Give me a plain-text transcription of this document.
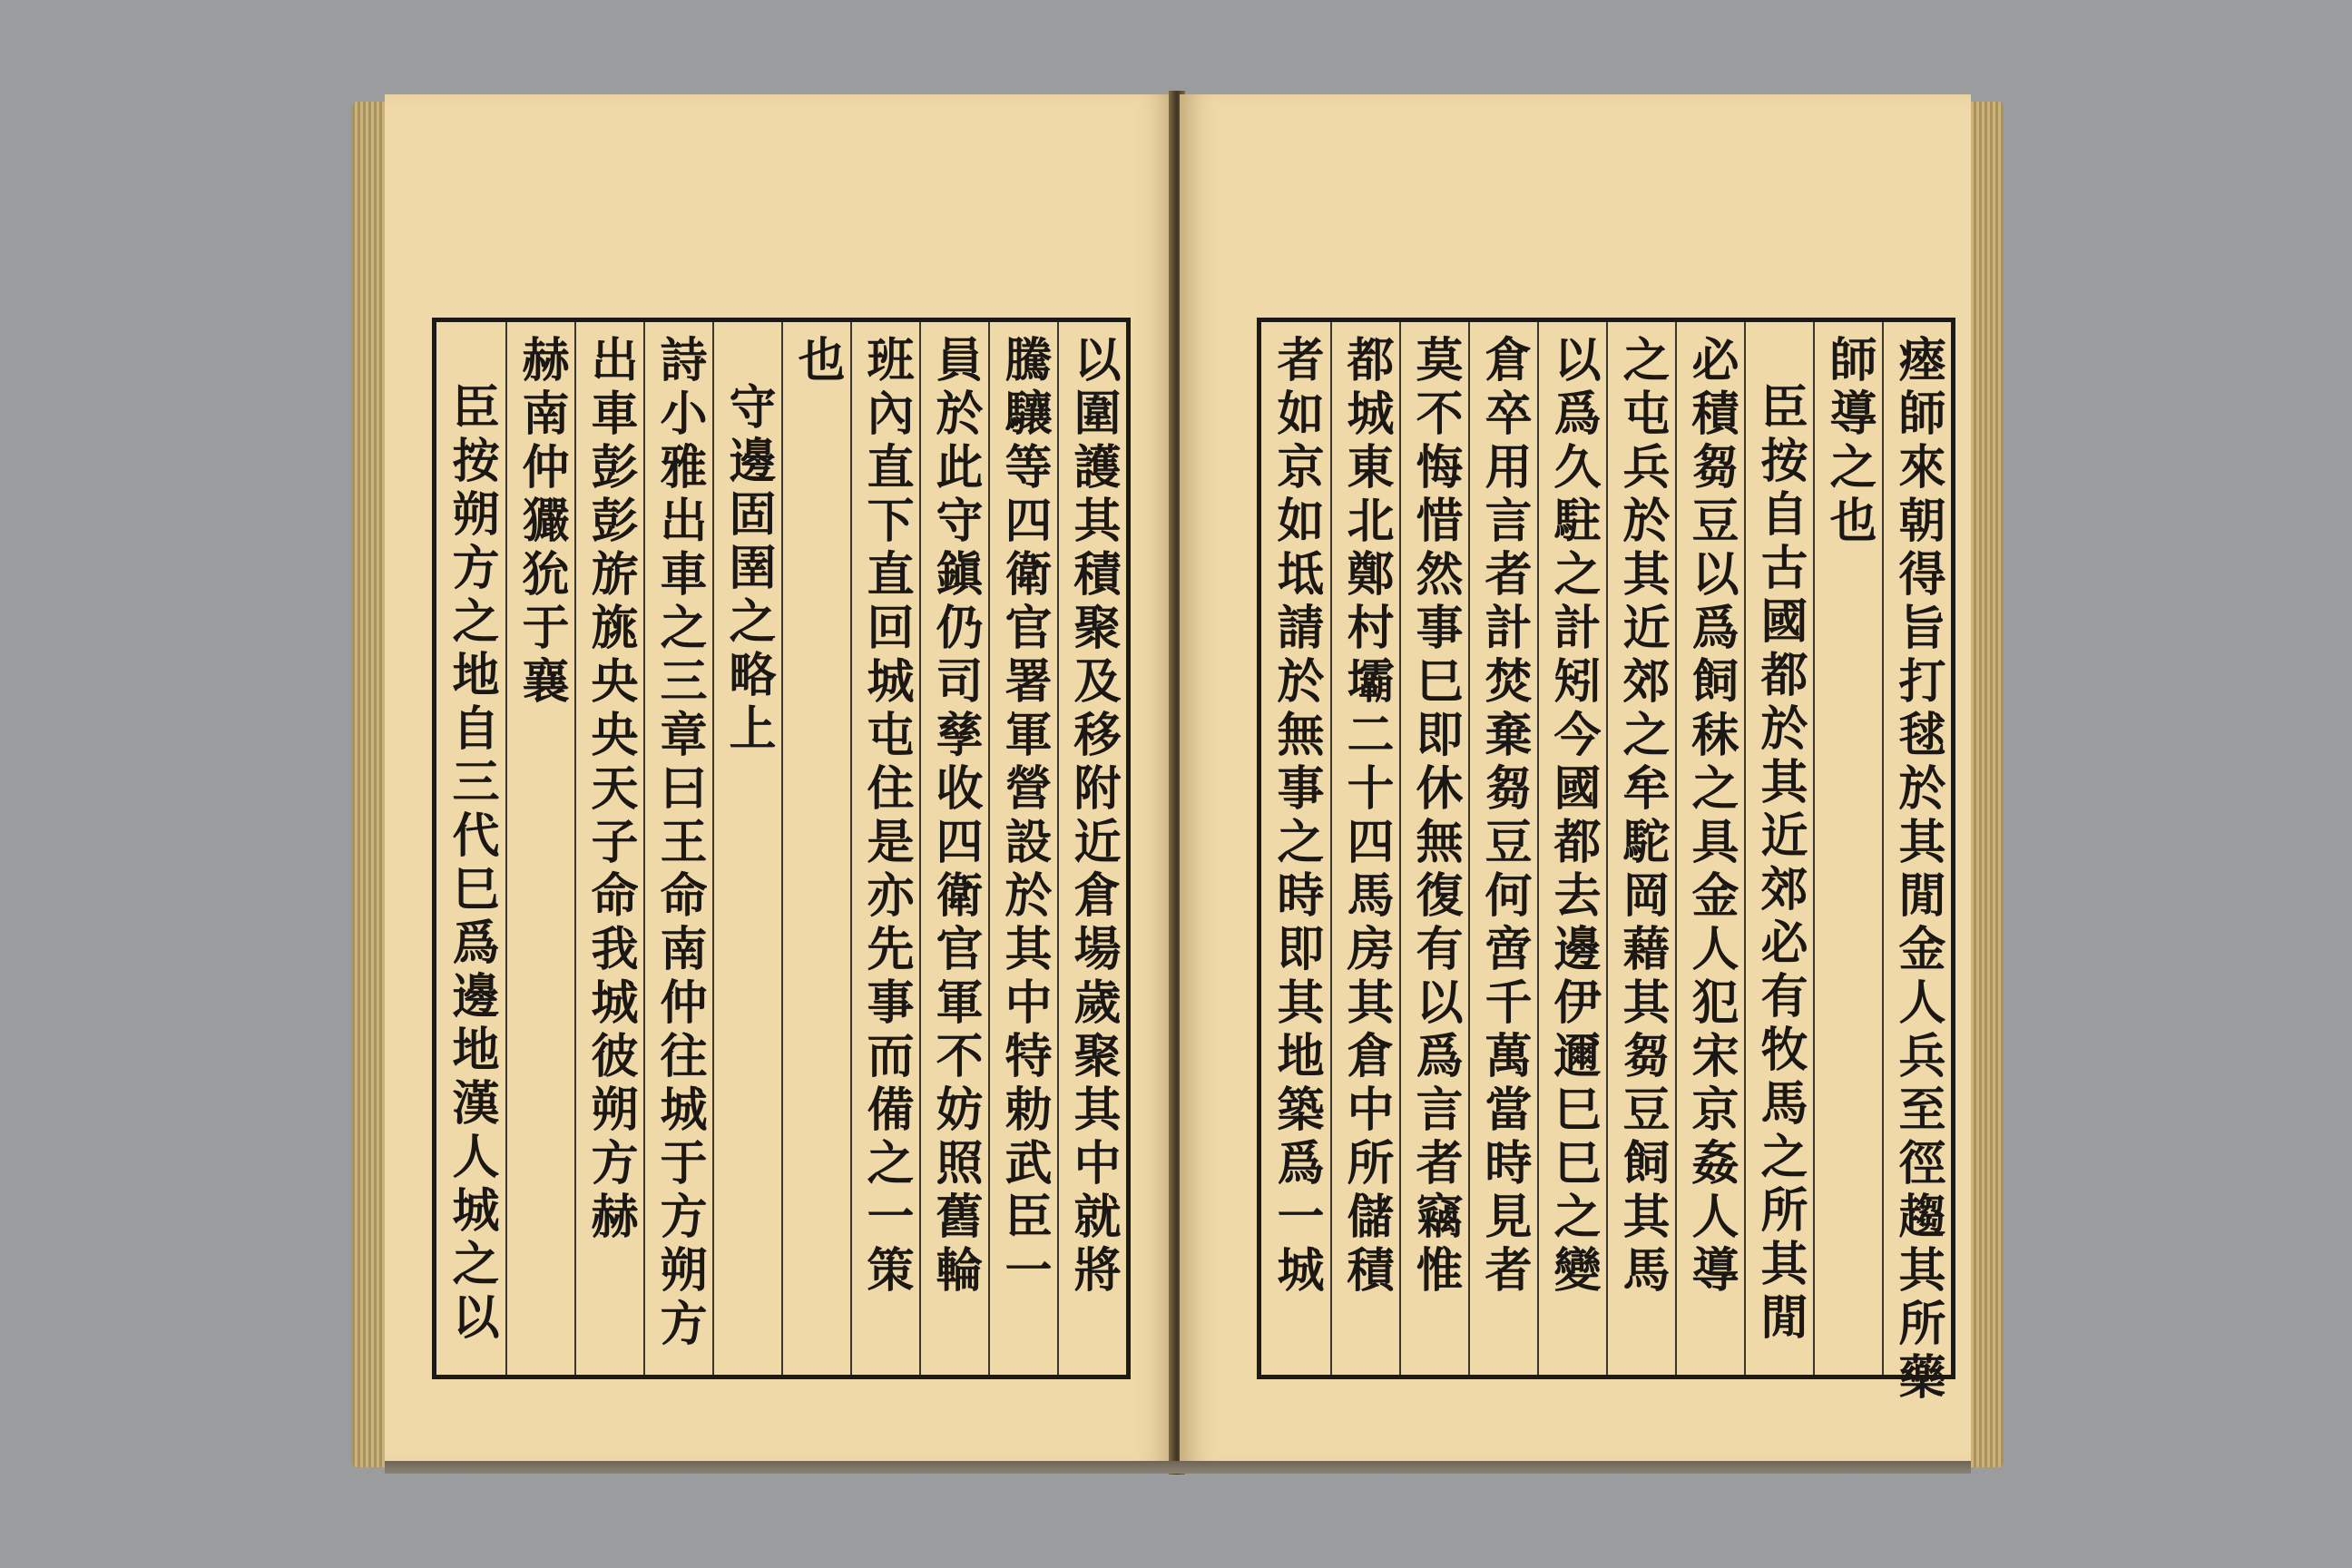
以圍護其積聚及移附近倉場歲聚其中就將
騰驤等四衛官署軍營設於其中特勅武臣一
員於此守鎭仍司孳收四衛官軍不妨照舊輪
班內直下直回城屯住是亦先事而備之一策
也
守邊固圉之略上
詩小雅出車之三章曰王命南仲往城于方朔方
出車彭彭旂旐央央天子命我城彼朔方赫
赫南仲玁狁于襄
臣按朔方之地自三代巳爲邊地漢人城之以	瘞師來朝得旨打毬於其閒金人兵至徑趨其所藥
師導之也
臣按自古國都於其近郊必有牧馬之所其閒
必積芻豆以爲飼秣之具金人犯宋京姦人導
之屯兵於其近郊之牟駝岡藉其芻豆飼其馬
以爲久駐之計矧今國都去邊伊邇巳巳之變
倉卒用言者計焚棄芻豆何啻千萬當時見者
莫不悔惜然事巳即休無復有以爲言者竊惟
都城東北鄭村壩二十四馬房其倉中所儲積
者如京如坻請於無事之時即其地築爲一城
